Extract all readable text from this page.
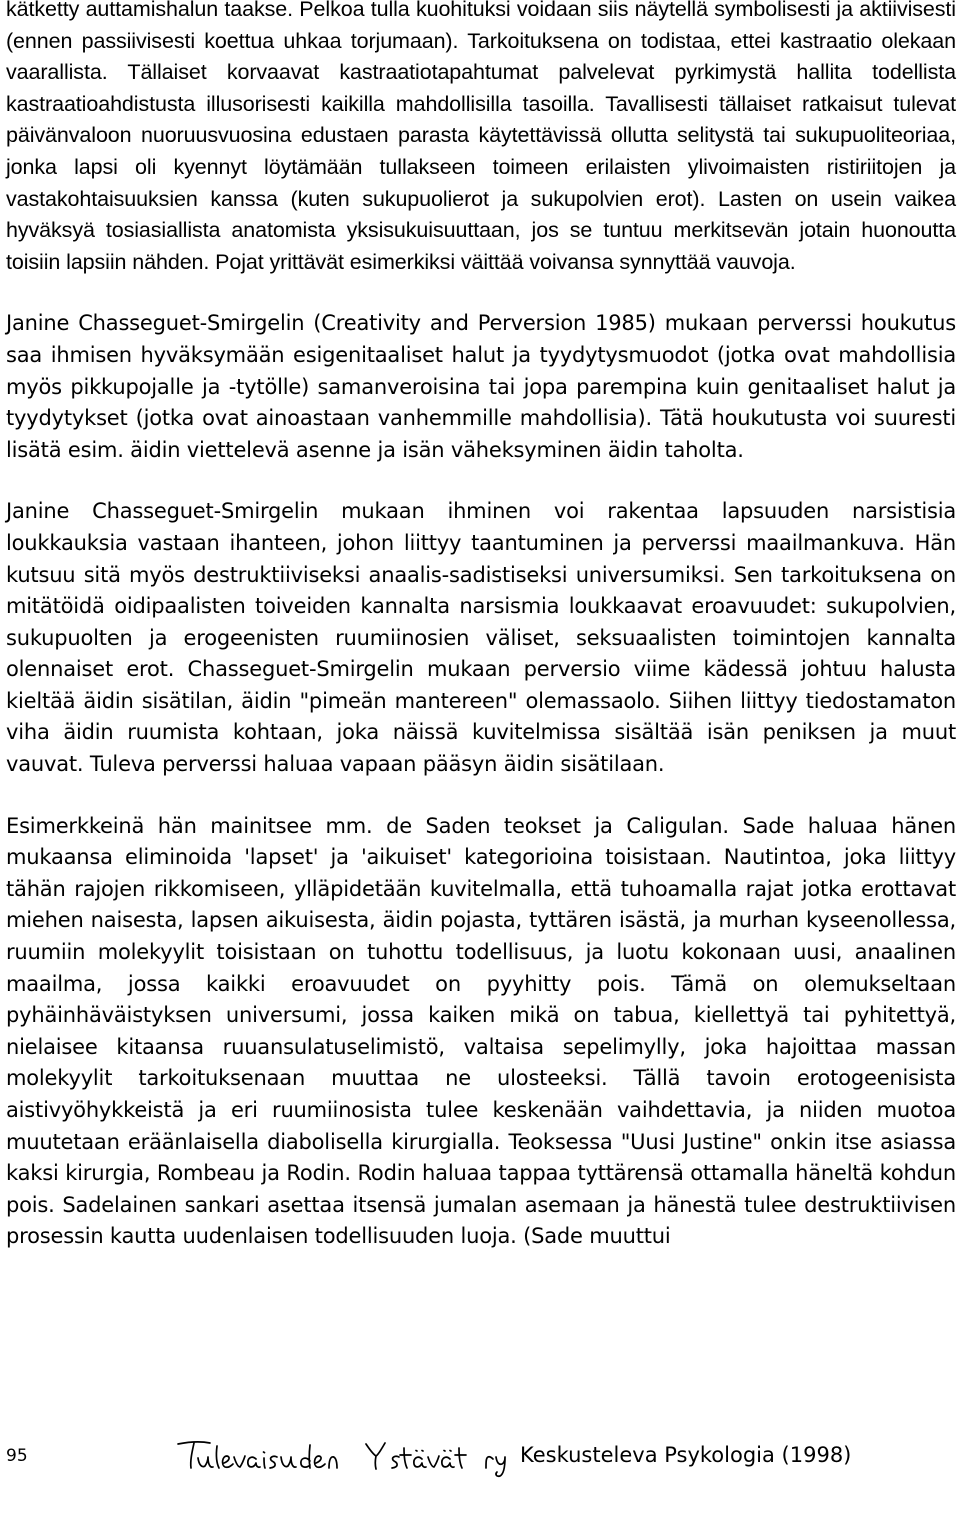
kätketty auttamishalun taakse. Pelkoa tulla kuohituksi voidaan siis näytellä symbolisesti ja aktiivisesti (ennen passiivisesti koettua uhkaa torjumaan). Tarkoituksena on todistaa, ettei kastraatio olekaan vaarallista. Tällaiset korvaavat kastraatiotapahtumat palvelevat pyrkimystä hallita todellista kastraatioahdistusta illusorisesti kaikilla mahdollisilla tasoilla. Tavallisesti tällaiset ratkaisut tulevat päivänvaloon nuoruusvuosina edustaen parasta käytettävissä ollutta selitystä tai sukupuoliteoriaa, jonka lapsi oli kyennyt löytämään tullakseen toimeen erilaisten ylivoimaisten ristiriitojen ja vastakohtaisuuksien kanssa (kuten sukupuolierot ja sukupolvien erot). Lasten on usein vaikea hyväksyä tosiasiallista anatomista yksisukuisuuttaan, jos se tuntuu merkitsevän jotain huonoutta toisiin lapsiin nähden. Pojat yrittävät esimerkiksi väittää voivansa synnyttää vauvoja.

Janine Chasseguet-Smirgelin (Creativity and Perversion 1985) mukaan perverssi houkutus saa ihmisen hyväksymään esigenitaaliset halut ja tyydytysmuodot (jotka ovat mahdollisia myös pikkupojalle ja -tytölle) samanveroisina tai jopa parempina kuin genitaaliset halut ja tyydytykset (jotka ovat ainoastaan vanhemmille mahdollisia). Tätä houkutusta voi suuresti lisätä esim. äidin viettelevä asenne ja isän väheksyminen äidin taholta.

Janine Chasseguet-Smirgelin mukaan ihminen voi rakentaa lapsuuden narsistisia loukkauksia vastaan ihanteen, johon liittyy taantuminen ja perverssi maailmankuva. Hän kutsuu sitä myös destruktiiviseksi anaalis-sadistiseksi universumiksi. Sen tarkoituksena on mitätöidä oidipaalisten toiveiden kannalta narsismia loukkaavat eroavuudet: sukupolvien, sukupuolten ja erogeenisten ruumiinosien väliset, seksuaalisten toimintojen kannalta olennaiset erot. Chasseguet-Smirgelin mukaan perversio viime kädessä johtuu halusta kieltää äidin sisätilan, äidin "pimeän mantereen" olemassaolo. Siihen liittyy tiedostamaton viha äidin ruumista kohtaan, joka näissä kuvitelmissa sisältää isän peniksen ja muut vauvat. Tuleva perverssi haluaa vapaan pääsyn äidin sisätilaan.

Esimerkkeinä hän mainitsee mm. de Saden teokset ja Caligulan. Sade haluaa hänen mukaansa eliminoida 'lapset' ja 'aikuiset' kategorioina toisistaan. Nautintoa, joka liittyy tähän rajojen rikkomiseen, ylläpidetään kuvitelmalla, että tuhoamalla rajat jotka erottavat miehen naisesta, lapsen aikuisesta, äidin pojasta, tyttären isästä, ja murhan kyseenollessa, ruumiin molekyylit toisistaan on tuhottu todellisuus, ja luotu kokonaan uusi, anaalinen maailma, jossa kaikki eroavuudet on pyyhitty pois. Tämä on olemukseltaan pyhäinhäväistyksen universumi, jossa kaiken mikä on tabua, kiellettyä tai pyhitettyä, nielaisee kitaansa ruuansulatuselimistö, valtaisa sepelimylly, joka hajoittaa massan molekyylit tarkoituksenaan muuttaa ne ulosteeksi. Tällä tavoin erotogeenisista aistivyöhykkeistä ja eri ruumiinosista tulee keskenään vaihdettavia, ja niiden muotoa muutetaan eräänlaisella diabolisella kirurgialla. Teoksessa "Uusi Justine" onkin itse asiassa kaksi kirurgia, Rombeau ja Rodin. Rodin haluaa tappaa tyttärensä ottamalla häneltä kohdun pois. Sadelainen sankari asettaa itsensä jumalan asemaan ja hänestä tulee destruktiivisen prosessin kautta uudenlaisen todellisuuden luoja. (Sade muuttui

95	Keskusteleva Psykologia (1998)
